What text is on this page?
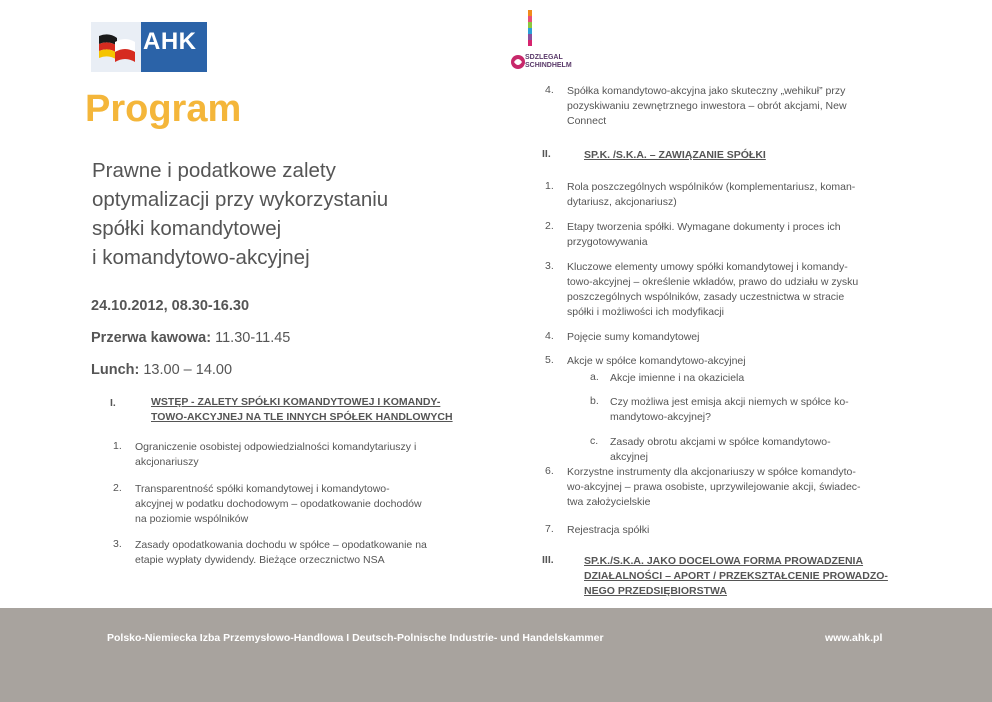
AHK
SDZLEGAL
SCHINDHELM
Program
Prawne i podatkowe zalety
optymalizacji przy wykorzystaniu
spółki komandytowej
i komandytowo-akcyjnej
24.10.2012, 08.30-16.30
Przerwa kawowa: 11.30-11.45
Lunch: 13.00 – 14.00
I.	WSTĘP - ZALETY SPÓŁKI KOMANDYTOWEJ I KOMANDY-
TOWO-AKCYJNEJ NA TLE INNYCH SPÓŁEK HANDLOWYCH
1. Ograniczenie osobistej odpowiedzialności komandytariuszy i
akcjonariuszy
2. Transparentność spółki komandytowej i komandytowo-
akcyjnej w podatku dochodowym – opodatkowanie dochodów
na poziomie wspólników
3. Zasady opodatkowania dochodu w spółce – opodatkowanie na
etapie wypłaty dywidendy. Bieżące orzecznictwo NSA
4. Spółka komandytowo-akcyjna jako skuteczny „wehikuł” przy
pozyskiwaniu zewnętrznego inwestora – obrót akcjami, New
Connect
II.	SP.K. /S.K.A. – ZAWIĄZANIE SPÓŁKI
1. Rola poszczególnych wspólników (komplementariusz, koman-
dytariusz, akcjonariusz)
2. Etapy tworzenia spółki. Wymagane dokumenty i proces ich
przygotowywania
3. Kluczowe elementy umowy spółki komandytowej i komandy-
towo-akcyjnej – określenie wkładów, prawo do udziału w zysku
poszczególnych wspólników, zasady uczestnictwa w stracie
spółki i możliwości ich modyfikacji
4. Pojęcie sumy komandytowej
5. Akcje w spółce komandytowo-akcyjnej
a. Akcje imienne i na okaziciela
b. Czy możliwa jest emisja akcji niemych w spółce ko-
mandytowo-akcyjnej?
c. Zasady obrotu akcjami w spółce komandytowo-
akcyjnej
6. Korzystne instrumenty dla akcjonariuszy w spółce komandyto-
wo-akcyjnej – prawa osobiste, uprzywilejowanie akcji, świadec-
twa założycielskie
7. Rejestracja spółki
III.	SP.K./S.K.A. JAKO DOCELOWA FORMA PROWADZENIA
DZIAŁALNOŚCI – APORT / PRZEKSZTAŁCENIE PROWADZO-
NEGO PRZEDSIĘBIORSTWA
Polsko-Niemiecka Izba Przemysłowo-Handlowa I Deutsch-Polnische Industrie- und Handelskammer	www.ahk.pl
